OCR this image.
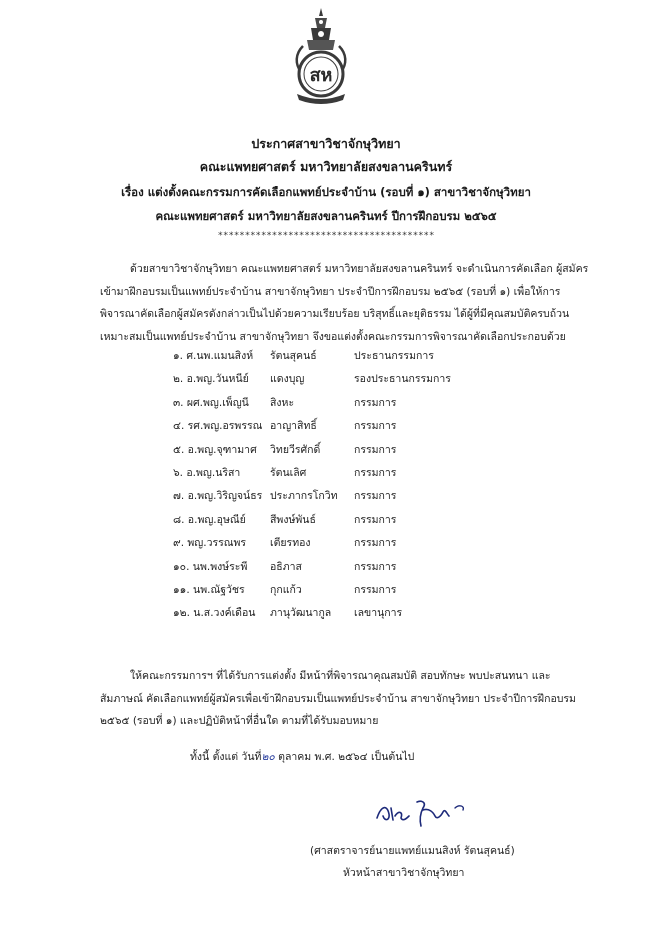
สห
ประกาศสาขาวิชาจักษุวิทยา
คณะแพทยศาสตร์ มหาวิทยาลัยสงขลานครินทร์
เรื่อง แต่งตั้งคณะกรรมการคัดเลือกแพทย์ประจำบ้าน (รอบที่ ๑) สาขาวิชาจักษุวิทยา
คณะแพทยศาสตร์ มหาวิทยาลัยสงขลานครินทร์ ปีการฝึกอบรม ๒๕๖๕
****************************************
ด้วยสาขาวิชาจักษุวิทยา คณะแพทยศาสตร์ มหาวิทยาลัยสงขลานครินทร์ จะดำเนินการคัดเลือก ผู้สมัคร
เข้ามาฝึกอบรมเป็นแพทย์ประจำบ้าน สาขาจักษุวิทยา ประจำปีการฝึกอบรม ๒๕๖๕ (รอบที่ ๑) เพื่อให้การ
พิจารณาคัดเลือกผู้สมัครดังกล่าวเป็นไปด้วยความเรียบร้อย บริสุทธิ์และยุติธรรม ได้ผู้ที่มีคุณสมบัติครบถ้วน
เหมาะสมเป็นแพทย์ประจำบ้าน สาขาจักษุวิทยา จึงขอแต่งตั้งคณะกรรมการพิจารณาคัดเลือกประกอบด้วย
๑. ศ.นพ.แมนสิงห์ รัตนสุคนธ์	ประธานกรรมการ
๒. อ.พญ.วันหนีย์ แดงบุญ	รองประธานกรรมการ
๓. ผศ.พญ.เพ็ญนี สิงหะ	กรรมการ
๔. รศ.พญ.อรพรรณ อาญาสิทธิ์	กรรมการ
๕. อ.พญ.จุฑามาศ วิทยวีรศักดิ์	กรรมการ
๖. อ.พญ.นริสา	รัตนเลิศ	กรรมการ
๗. อ.พญ.วิริญจน์ธร ประภากรโกวิท กรรมการ
๘. อ.พญ.อุษณีย์ สีพงษ์พันธ์	กรรมการ
๙. พญ.วรรณพร เตียรทอง	กรรมการ
๑๐. นพ.พงษ์ระพี อธิภาส	กรรมการ
๑๑. นพ.ณัฐวัชร กุกแก้ว	กรรมการ
๑๒. น.ส.วงค์เดือน ภานุวัฒนากูล เลขานุการ
ให้คณะกรรมการฯ ที่ได้รับการแต่งตั้ง มีหน้าที่พิจารณาคุณสมบัติ สอบทักษะ พบปะสนทนา และ
สัมภาษณ์ คัดเลือกแพทย์ผู้สมัครเพื่อเข้าฝึกอบรมเป็นแพทย์ประจำบ้าน สาขาจักษุวิทยา ประจำปีการฝึกอบรม
๒๕๖๕ (รอบที่ ๑) และปฏิบัติหน้าที่อื่นใด ตามที่ได้รับมอบหมาย
ทั้งนี้ ตั้งแต่ วันที่๒๐ ตุลาคม พ.ศ. ๒๕๖๔ เป็นต้นไป
(ศาสตราจารย์นายแพทย์แมนสิงห์ รัตนสุคนธ์)
หัวหน้าสาขาวิชาจักษุวิทยา
